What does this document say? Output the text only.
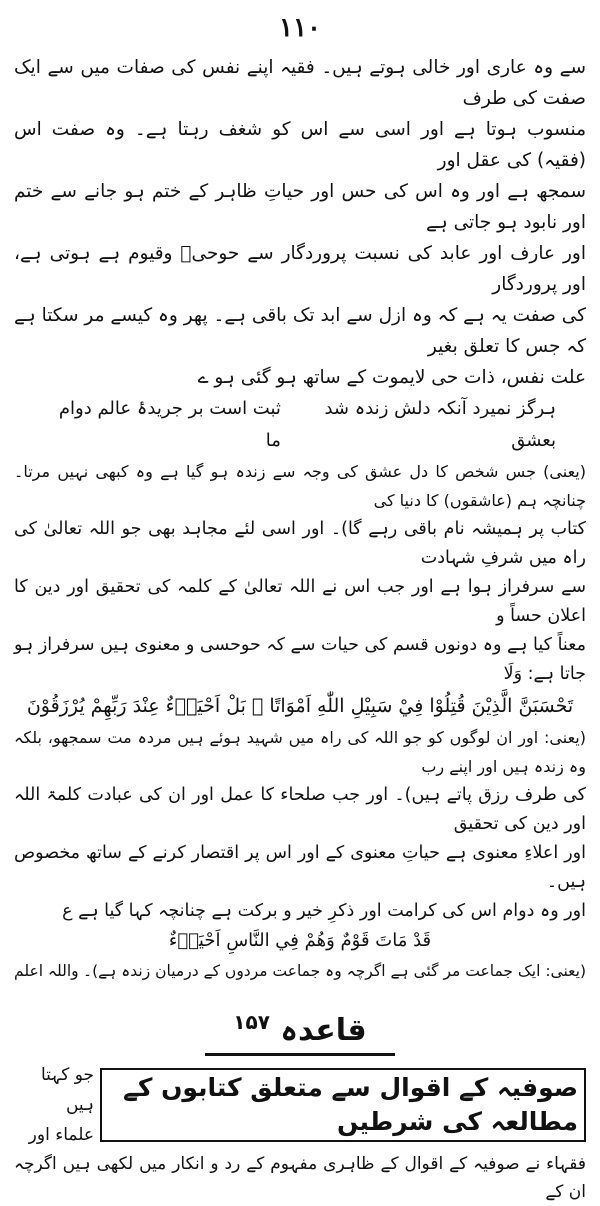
۱۱۰

سے وہ عاری اور خالی ہوتے ہیں۔ فقیہ اپنے نفس کی صفات میں سے ایک صفت کی طرف

منسوب ہوتا ہے اور اسی سے اس کو شغف رہتا ہے۔ وہ صفت اس (فقیہ) کی عقل اور

سمجھ ہے اور وہ اس کی حس اور حیاتِ ظاہر کے ختم ہو جانے سے ختم اور نابود ہو جاتی ہے

اور عارف اور عابد کی نسبت پروردگار سے حوحیؔ وقیوم ہے ہوتی ہے، اور پروردگار

کی صفت یہ ہے کہ وہ ازل سے ابد تک باقی ہے۔ پھر وہ کیسے مر سکتا ہے کہ جس کا تعلق بغیر

علت نفس، ذات حی لایموت کے ساتھ ہو گئی ہو ے

ہرگز نمیرد آنکہ دلش زندہ شد بعشق
ثبت است بر جریدۂ عالم دوام ما

(یعنی) جس شخص کا دل عشق کی وجہ سے زندہ ہو گیا ہے وہ کبھی نہیں مرتا۔ چنانچہ ہم (عاشقوں) کا دنیا کی

کتاب پر ہمیشہ نام باقی رہے گا)۔ اور اسی لئے مجاہد بھی جو اللہ تعالیٰ کی راہ میں شرفِ شہادت

سے سرفراز ہوا ہے اور جب اس نے اللہ تعالیٰ کے کلمہ کی تحقیق اور دین کا اعلان حساً و

معناً کیا ہے وہ دونوں قسم کی حیات سے کہ حوحسی و معنوی ہیں سرفراز ہو جاتا ہے: وَلَا

تَحْسَبَنَّ الَّذِيْنَ قُتِلُوْا فِيْ سَبِيْلِ اللّٰهِ اَمْوَاتًا ۭ بَلْ اَحْيَاۗءٌ عِنْدَ رَبِّهِمْ يُرْزَقُوْنَ

(یعنی: اور ان لوگوں کو جو اللہ کی راہ میں شہید ہوئے ہیں مردہ مت سمجھو، بلکہ وہ زندہ ہیں اور اپنے رب

کی طرف رزق پاتے ہیں)۔ اور جب صلحاء کا عمل اور ان کی عبادت کلمۃ اللہ اور دین کی تحقیق

اور اعلاءِ معنوی ہے حیاتِ معنوی کے اور اس پر اقتصار کرنے کے ساتھ مخصوص ہیں۔

اور وہ دوام اس کی کرامت اور ذکرِ خیر و برکت ہے چنانچہ کہا گیا ہے ع

قَدْ مَاتَ قَوْمٌ وَهُمْ فِي النَّاسِ اَحْيَاۗءٌ
(یعنی: ایک جماعت مر گئی ہے اگرچہ وہ جماعت مردوں کے درمیان زندہ ہے)۔
واللہ اعلم
قاعدہ $^{۱۵۷}$
صوفیہ کے اقوال سے متعلق کتابوں کے مطالعہ کی شرطیں
جو کہتا ہیں
علماء اور
فقہاء نے صوفیہ کے اقوال کے ظاہری مفہوم کے رد و انکار میں لکھی ہیں اگرچہ ان کے
